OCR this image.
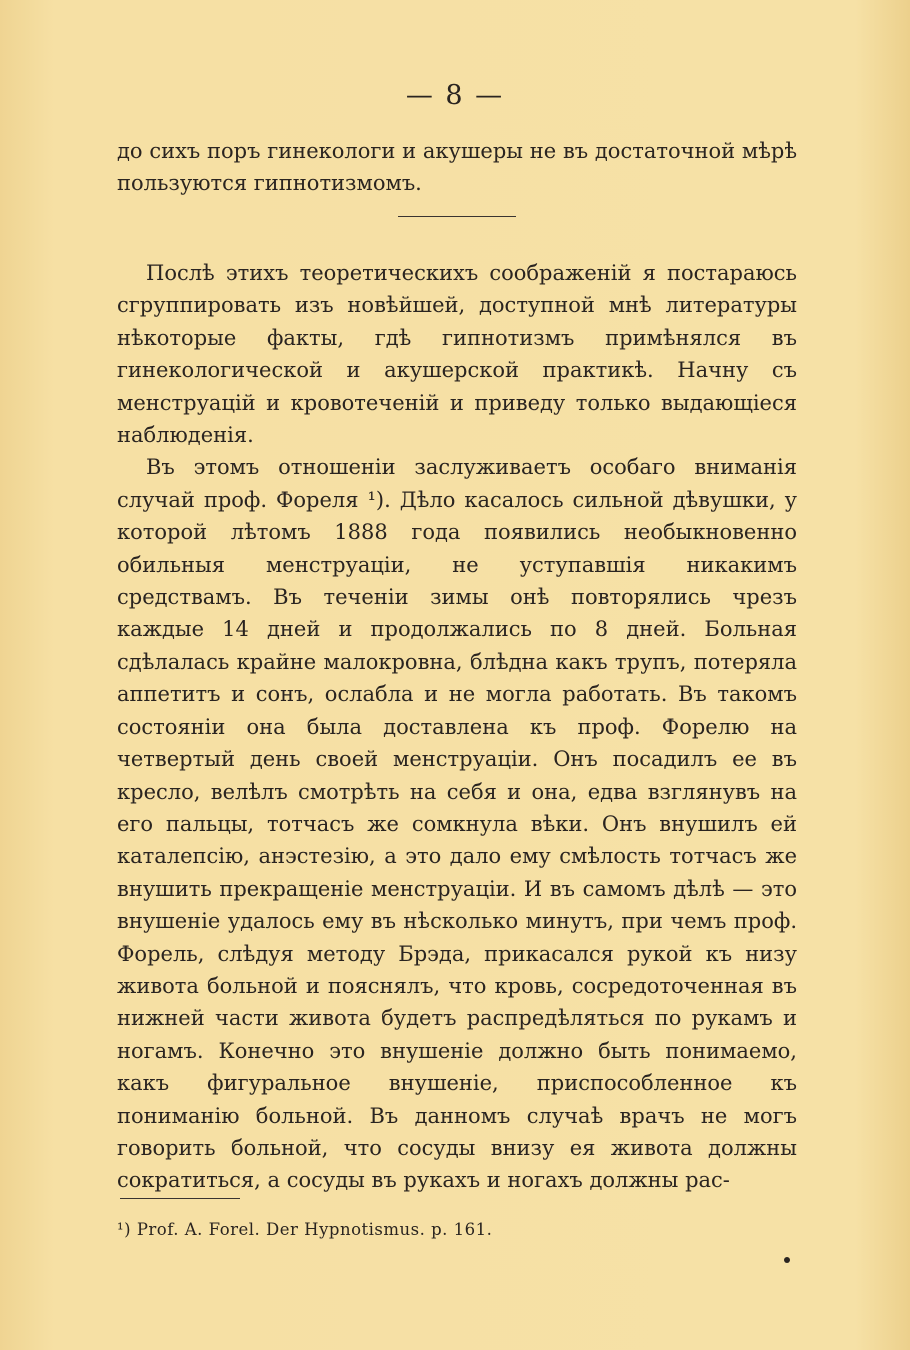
— 8 —

до сихъ поръ гинекологи и акушеры не въ достаточной мѣрѣ пользуются гипнотизмомъ.

Послѣ этихъ теоретическихъ соображеній я постараюсь сгруппировать изъ новѣйшей, доступной мнѣ литературы нѣкоторые факты, гдѣ гипнотизмъ примѣнялся въ гинекологической и акушерской практикѣ. Начну съ менструацій и кровотеченій и приведу только выдающіеся наблюденія.

Въ этомъ отношеніи заслуживаетъ особаго вниманія случай проф. Фореля ¹). Дѣло касалось сильной дѣвушки, у которой лѣтомъ 1888 года появились необыкновенно обильныя менструаціи, не уступавшія никакимъ средствамъ. Въ теченіи зимы онѣ повторялись чрезъ каждые 14 дней и продолжались по 8 дней. Больная сдѣлалась крайне малокровна, блѣдна какъ трупъ, потеряла аппетитъ и сонъ, ослабла и не могла работать. Въ такомъ состояніи она была доставлена къ проф. Форелю на четвертый день своей менструаціи. Онъ посадилъ ее въ кресло, велѣлъ смотрѣть на себя и она, едва взглянувъ на его пальцы, тотчасъ же сомкнула вѣки. Онъ внушилъ ей каталепсію, анэстезію, а это дало ему смѣлость тотчасъ же внушить прекращеніе менструаціи. И въ самомъ дѣлѣ — это внушеніе удалось ему въ нѣсколько минутъ, при чемъ проф. Форель, слѣдуя методу Брэда, прикасался рукой къ низу живота больной и пояснялъ, что кровь, сосредоточенная въ нижней части живота будетъ распредѣляться по рукамъ и ногамъ. Конечно это внушеніе должно быть понимаемо, какъ фигуральное внушеніе, приспособленное къ пониманію больной. Въ данномъ случаѣ врачъ не могъ говорить больной, что сосуды внизу ея живота должны сократиться, а сосуды въ рукахъ и ногахъ должны рас-

¹) Prof. A. Forel. Der Hypnotismus. p. 161.
